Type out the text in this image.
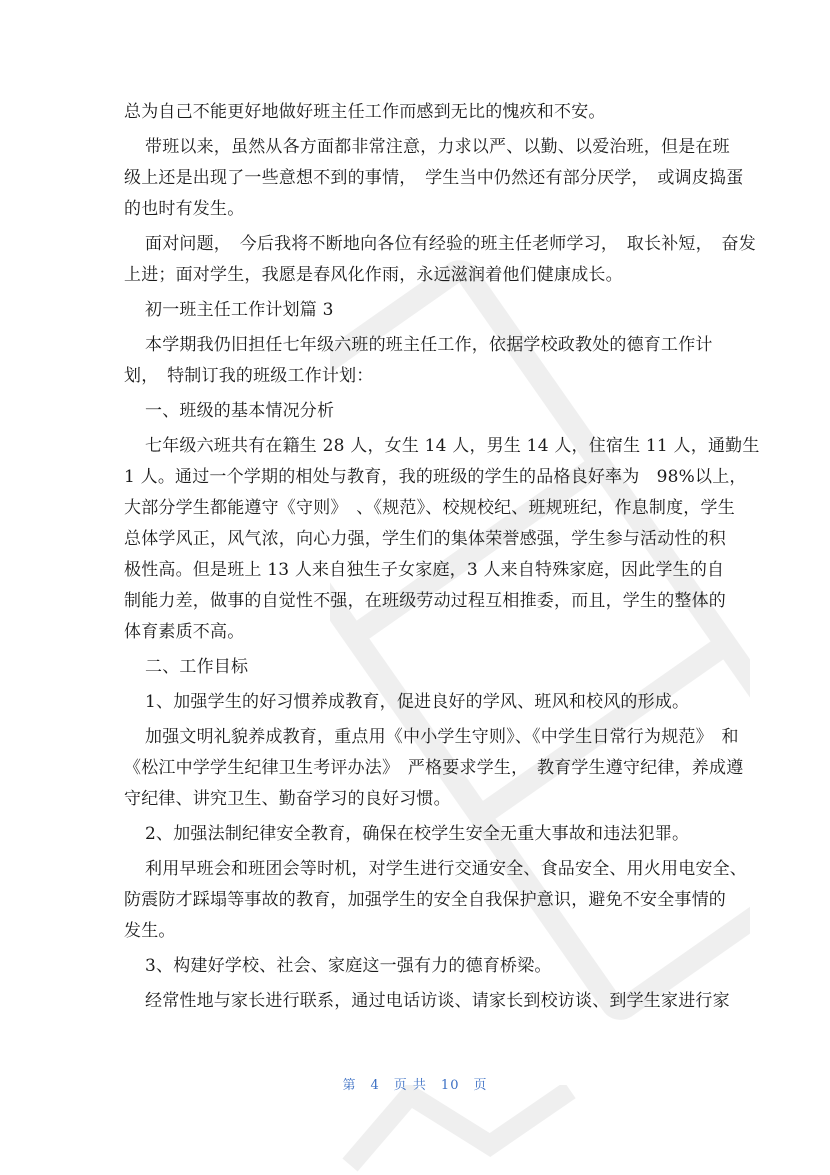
总为自己不能更好地做好班主任工作而感到无比的愧疚和不安。
带班以来，虽然从各方面都非常注意，力求以严、以勤、以爱治班，但是在班
级上还是出现了一些意想不到的事情，　学生当中仍然还有部分厌学，　或调皮捣蛋
的也时有发生。
面对问题，　今后我将不断地向各位有经验的班主任老师学习，　取长补短，　奋发
上进；面对学生，我愿是春风化作雨，永远滋润着他们健康成长。
初一班主任工作计划篇 3
本学期我仍旧担任七年级六班的班主任工作，依据学校政教处的德育工作计
划，　特制订我的班级工作计划：
一、班级的基本情况分析
七年级六班共有在籍生 28 人，女生 14 人，男生 14 人，住宿生 11 人，通勤生
1 人。通过一个学期的相处与教育，我的班级的学生的品格良好率为　98%以上，
大部分学生都能遵守《守则》　、《规范》、校规校纪、班规班纪，作息制度，学生
总体学风正，风气浓，向心力强，学生们的集体荣誉感强，学生参与活动性的积
极性高。但是班上 13 人来自独生子女家庭，3 人来自特殊家庭，因此学生的自
制能力差，做事的自觉性不强，在班级劳动过程互相推委，而且，学生的整体的
体育素质不高。
二、工作目标
1、加强学生的好习惯养成教育，促进良好的学风、班风和校风的形成。
加强文明礼貌养成教育，重点用《中小学生守则》、《中学生日常行为规范》　和
《松江中学学生纪律卫生考评办法》　严格要求学生，　教育学生遵守纪律，养成遵
守纪律、讲究卫生、勤奋学习的良好习惯。
2、加强法制纪律安全教育，确保在校学生安全无重大事故和违法犯罪。
利用早班会和班团会等时机，对学生进行交通安全、食品安全、用火用电安全、
防震防才踩塌等事故的教育，加强学生的安全自我保护意识，避免不安全事情的
发生。
3、构建好学校、社会、家庭这一强有力的德育桥梁。
经常性地与家长进行联系，通过电话访谈、请家长到校访谈、到学生家进行家
第　4　页 共　10　页
